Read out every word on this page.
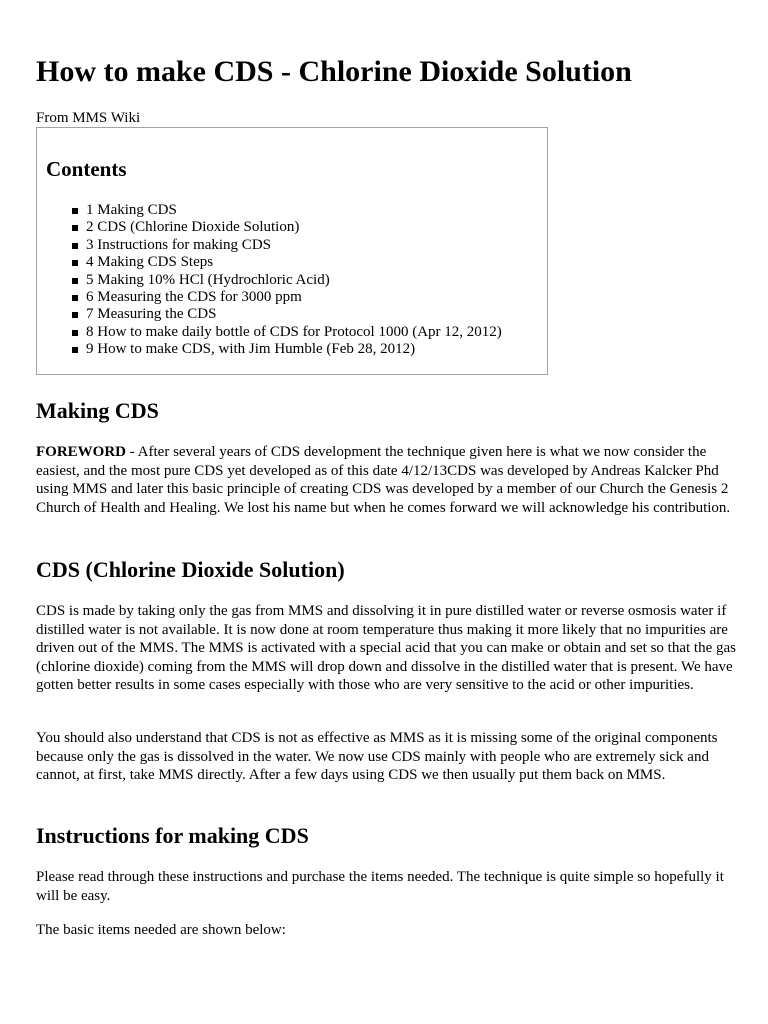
How to make CDS - Chlorine Dioxide Solution
From MMS Wiki
Contents
1 Making CDS
2 CDS (Chlorine Dioxide Solution)
3 Instructions for making CDS
4 Making CDS Steps
5 Making 10% HCl (Hydrochloric Acid)
6 Measuring the CDS for 3000 ppm
7 Measuring the CDS
8 How to make daily bottle of CDS for Protocol 1000 (Apr 12, 2012)
9 How to make CDS, with Jim Humble (Feb 28, 2012)
Making CDS

FOREWORD - After several years of CDS development the technique given here is what we now consider the easiest, and the most pure CDS yet developed as of this date 4/12/13CDS was developed by Andreas Kalcker Phd using MMS and later this basic principle of creating CDS was developed by a member of our Church the Genesis 2 Church of Health and Healing. We lost his name but when he comes forward we will acknowledge his contribution.

CDS (Chlorine Dioxide Solution)

CDS is made by taking only the gas from MMS and dissolving it in pure distilled water or reverse osmosis water if distilled water is not available. It is now done at room temperature thus making it more likely that no impurities are driven out of the MMS. The MMS is activated with a special acid that you can make or obtain and set so that the gas (chlorine dioxide) coming from the MMS will drop down and dissolve in the distilled water that is present. We have gotten better results in some cases especially with those who are very sensitive to the acid or other impurities.

You should also understand that CDS is not as effective as MMS as it is missing some of the original components because only the gas is dissolved in the water. We now use CDS mainly with people who are extremely sick and cannot, at first, take MMS directly. After a few days using CDS we then usually put them back on MMS.

Instructions for making CDS

Please read through these instructions and purchase the items needed. The technique is quite simple so hopefully it will be easy.

The basic items needed are shown below:
